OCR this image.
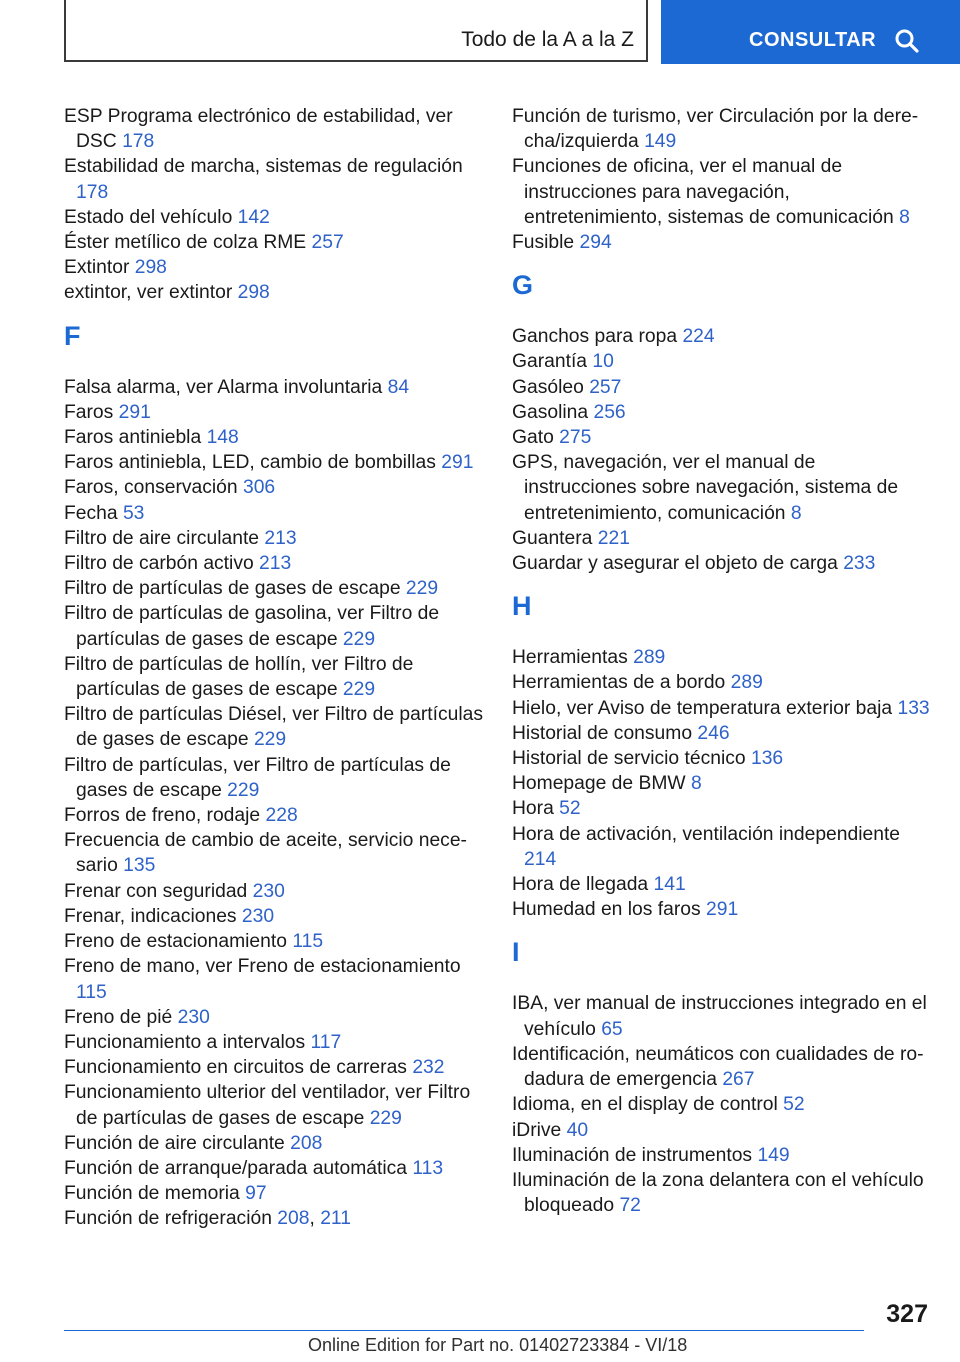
Todo de la A a la Z	CONSULTAR
ESP Programa electrónico de estabilidad, ver DSC 178
Estabilidad de marcha, sistemas de regulación 178
Estado del vehículo 142
Éster metílico de colza RME 257
Extintor 298
extintor, ver extintor 298
F
Falsa alarma, ver Alarma involuntaria 84
Faros 291
Faros antiniebla 148
Faros antiniebla, LED, cambio de bombillas 291
Faros, conservación 306
Fecha 53
Filtro de aire circulante 213
Filtro de carbón activo 213
Filtro de partículas de gases de escape 229
Filtro de partículas de gasolina, ver Filtro de partículas de gases de escape 229
Filtro de partículas de hollín, ver Filtro de partículas de gases de escape 229
Filtro de partículas Diésel, ver Filtro de partículas de gases de escape 229
Filtro de partículas, ver Filtro de partículas de gases de escape 229
Forros de freno, rodaje 228
Frecuencia de cambio de aceite, servicio necesario 135
Frenar con seguridad 230
Frenar, indicaciones 230
Freno de estacionamiento 115
Freno de mano, ver Freno de estacionamiento 115
Freno de pié 230
Funcionamiento a intervalos 117
Funcionamiento en circuitos de carreras 232
Funcionamiento ulterior del ventilador, ver Filtro de partículas de gases de escape 229
Función de aire circulante 208
Función de arranque/parada automática 113
Función de memoria 97
Función de refrigeración 208, 211
Función de turismo, ver Circulación por la derecha/izquierda 149
Funciones de oficina, ver el manual de instrucciones para navegación, entretenimiento, sistemas de comunicación 8
Fusible 294
G
Ganchos para ropa 224
Garantía 10
Gasóleo 257
Gasolina 256
Gato 275
GPS, navegación, ver el manual de instrucciones sobre navegación, sistema de entretenimiento, comunicación 8
Guantera 221
Guardar y asegurar el objeto de carga 233
H
Herramientas 289
Herramientas de a bordo 289
Hielo, ver Aviso de temperatura exterior baja 133
Historial de consumo 246
Historial de servicio técnico 136
Homepage de BMW 8
Hora 52
Hora de activación, ventilación independiente 214
Hora de llegada 141
Humedad en los faros 291
I
IBA, ver manual de instrucciones integrado en el vehículo 65
Identificación, neumáticos con cualidades de rodadura de emergencia 267
Idioma, en el display de control 52
iDrive 40
Iluminación de instrumentos 149
Iluminación de la zona delantera con el vehículo bloqueado 72
327
Online Edition for Part no. 01402723384 - VI/18
